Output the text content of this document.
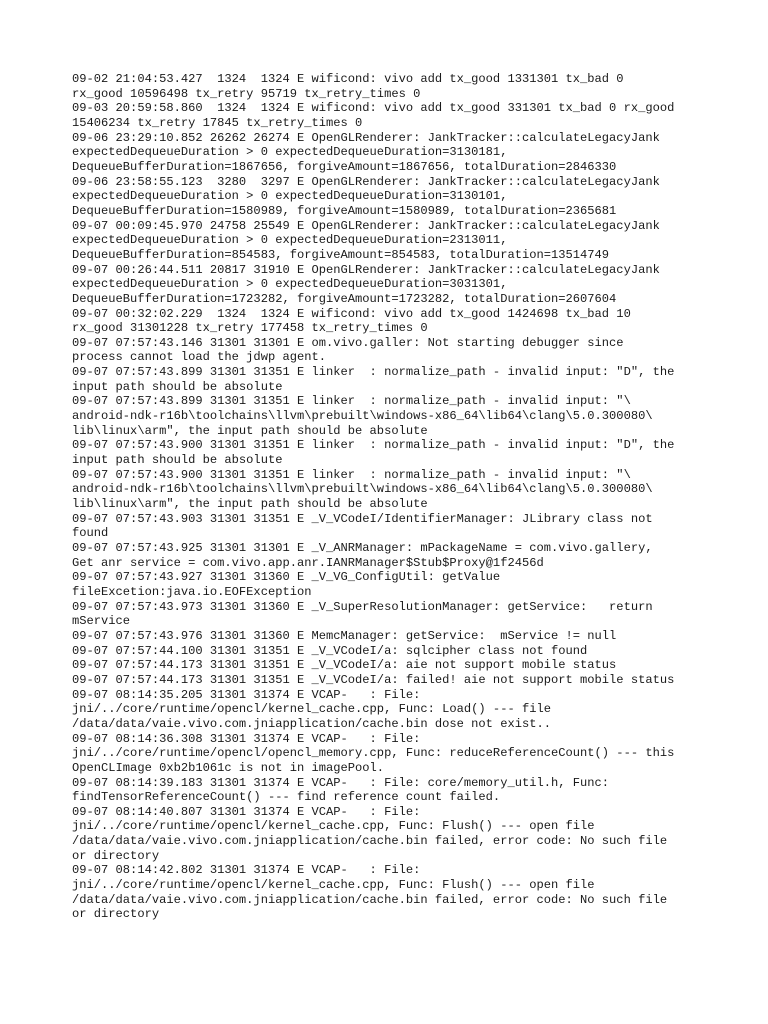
09-02 21:04:53.427  1324  1324 E wificond: vivo add tx_good 1331301 tx_bad 0
rx_good 10596498 tx_retry 95719 tx_retry_times 0
09-03 20:59:58.860  1324  1324 E wificond: vivo add tx_good 331301 tx_bad 0 rx_good
15406234 tx_retry 17845 tx_retry_times 0
09-06 23:29:10.852 26262 26274 E OpenGLRenderer: JankTracker::calculateLegacyJank
expectedDequeueDuration > 0 expectedDequeueDuration=3130181,
DequeueBufferDuration=1867656, forgiveAmount=1867656, totalDuration=2846330
09-06 23:58:55.123  3280  3297 E OpenGLRenderer: JankTracker::calculateLegacyJank
expectedDequeueDuration > 0 expectedDequeueDuration=3130101,
DequeueBufferDuration=1580989, forgiveAmount=1580989, totalDuration=2365681
09-07 00:09:45.970 24758 25549 E OpenGLRenderer: JankTracker::calculateLegacyJank
expectedDequeueDuration > 0 expectedDequeueDuration=2313011,
DequeueBufferDuration=854583, forgiveAmount=854583, totalDuration=13514749
09-07 00:26:44.511 20817 31910 E OpenGLRenderer: JankTracker::calculateLegacyJank
expectedDequeueDuration > 0 expectedDequeueDuration=3031301,
DequeueBufferDuration=1723282, forgiveAmount=1723282, totalDuration=2607604
09-07 00:32:02.229  1324  1324 E wificond: vivo add tx_good 1424698 tx_bad 10
rx_good 31301228 tx_retry 177458 tx_retry_times 0
09-07 07:57:43.146 31301 31301 E om.vivo.galler: Not starting debugger since
process cannot load the jdwp agent.
09-07 07:57:43.899 31301 31351 E linker  : normalize_path - invalid input: "D", the
input path should be absolute
09-07 07:57:43.899 31301 31351 E linker  : normalize_path - invalid input: "\
android-ndk-r16b\toolchains\llvm\prebuilt\windows-x86_64\lib64\clang\5.0.300080\
lib\linux\arm", the input path should be absolute
09-07 07:57:43.900 31301 31351 E linker  : normalize_path - invalid input: "D", the
input path should be absolute
09-07 07:57:43.900 31301 31351 E linker  : normalize_path - invalid input: "\
android-ndk-r16b\toolchains\llvm\prebuilt\windows-x86_64\lib64\clang\5.0.300080\
lib\linux\arm", the input path should be absolute
09-07 07:57:43.903 31301 31351 E _V_VCodeI/IdentifierManager: JLibrary class not
found
09-07 07:57:43.925 31301 31301 E _V_ANRManager: mPackageName = com.vivo.gallery,
Get anr service = com.vivo.app.anr.IANRManager$Stub$Proxy@1f2456d
09-07 07:57:43.927 31301 31360 E _V_VG_ConfigUtil: getValue
fileExcetion:java.io.EOFException
09-07 07:57:43.973 31301 31360 E _V_SuperResolutionManager: getService:   return
mService
09-07 07:57:43.976 31301 31360 E MemcManager: getService:  mService != null
09-07 07:57:44.100 31301 31351 E _V_VCodeI/a: sqlcipher class not found
09-07 07:57:44.173 31301 31351 E _V_VCodeI/a: aie not support mobile status
09-07 07:57:44.173 31301 31351 E _V_VCodeI/a: failed! aie not support mobile status
09-07 08:14:35.205 31301 31374 E VCAP-   : File:
jni/../core/runtime/opencl/kernel_cache.cpp, Func: Load() --- file
/data/data/vaie.vivo.com.jniapplication/cache.bin dose not exist..
09-07 08:14:36.308 31301 31374 E VCAP-   : File:
jni/../core/runtime/opencl/opencl_memory.cpp, Func: reduceReferenceCount() --- this
OpenCLImage 0xb2b1061c is not in imagePool.
09-07 08:14:39.183 31301 31374 E VCAP-   : File: core/memory_util.h, Func:
findTensorReferenceCount() --- find reference count failed.
09-07 08:14:40.807 31301 31374 E VCAP-   : File:
jni/../core/runtime/opencl/kernel_cache.cpp, Func: Flush() --- open file
/data/data/vaie.vivo.com.jniapplication/cache.bin failed, error code: No such file
or directory
09-07 08:14:42.802 31301 31374 E VCAP-   : File:
jni/../core/runtime/opencl/kernel_cache.cpp, Func: Flush() --- open file
/data/data/vaie.vivo.com.jniapplication/cache.bin failed, error code: No such file
or directory
